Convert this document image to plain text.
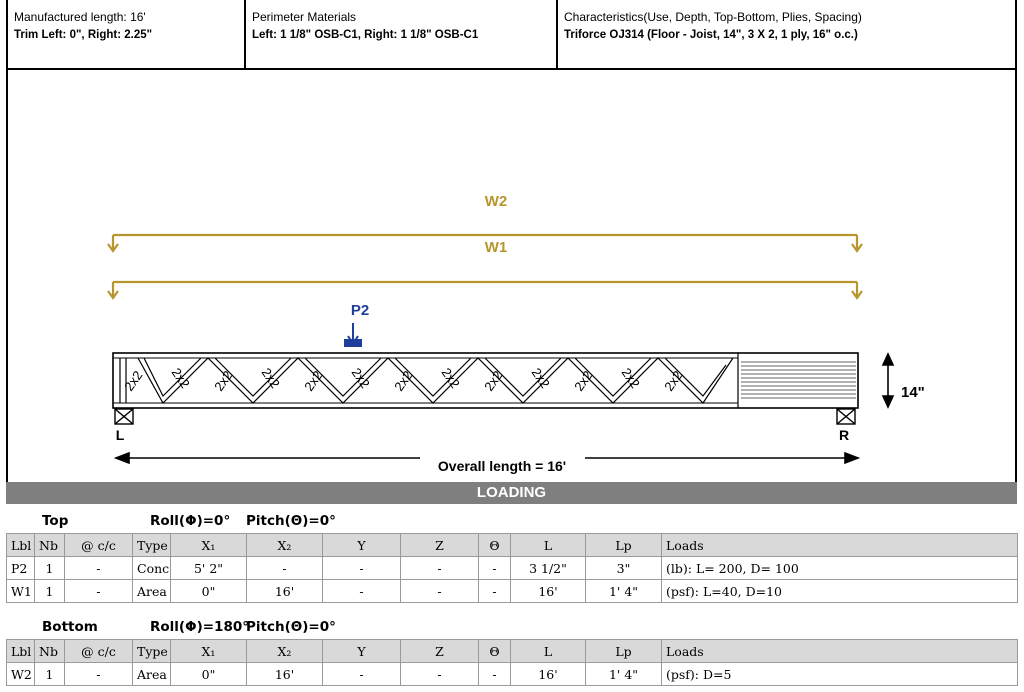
Manufactured length: 16'
Trim Left: 0", Right: 2.25"
Perimeter Materials
Left: 1 1/8" OSB-C1, Right: 1 1/8" OSB-C1
Characteristics(Use, Depth, Top-Bottom, Plies, Spacing)
Triforce OJ314 (Floor - Joist, 14", 3 X 2, 1 ply, 16" o.c.)
W2
W1
P2
2x2 2x2 2x2 2x2 2x2 2x2 2x2 2x2 2x2 2x2 2x2 2x2 2x2
L	R
14"
Overall length = 16'
LOADING
Top	Roll(Φ)=0° Pitch(Θ)=0°
Lbl	Nb	@ c/c	Type	X₁	X₂	Y	Z	Θ	L	Lp	Loads
P2	1	-	Conc	5' 2"	-	-	-	-	3 1/2"	3"	(lb): L= 200, D= 100
W1	1	-	Area	0"	16'	-	-	-	16'	1' 4"	(psf): L=40, D=10
Bottom	Roll(Φ)=180°
Pitch(Θ)=0°
Lbl	Nb	@ c/c	Type	X₁	X₂	Y	Z	Θ	L	Lp	Loads
W2	1	-	Area	0"	16'	-	-	-	16'	1' 4"	(psf): D=5
